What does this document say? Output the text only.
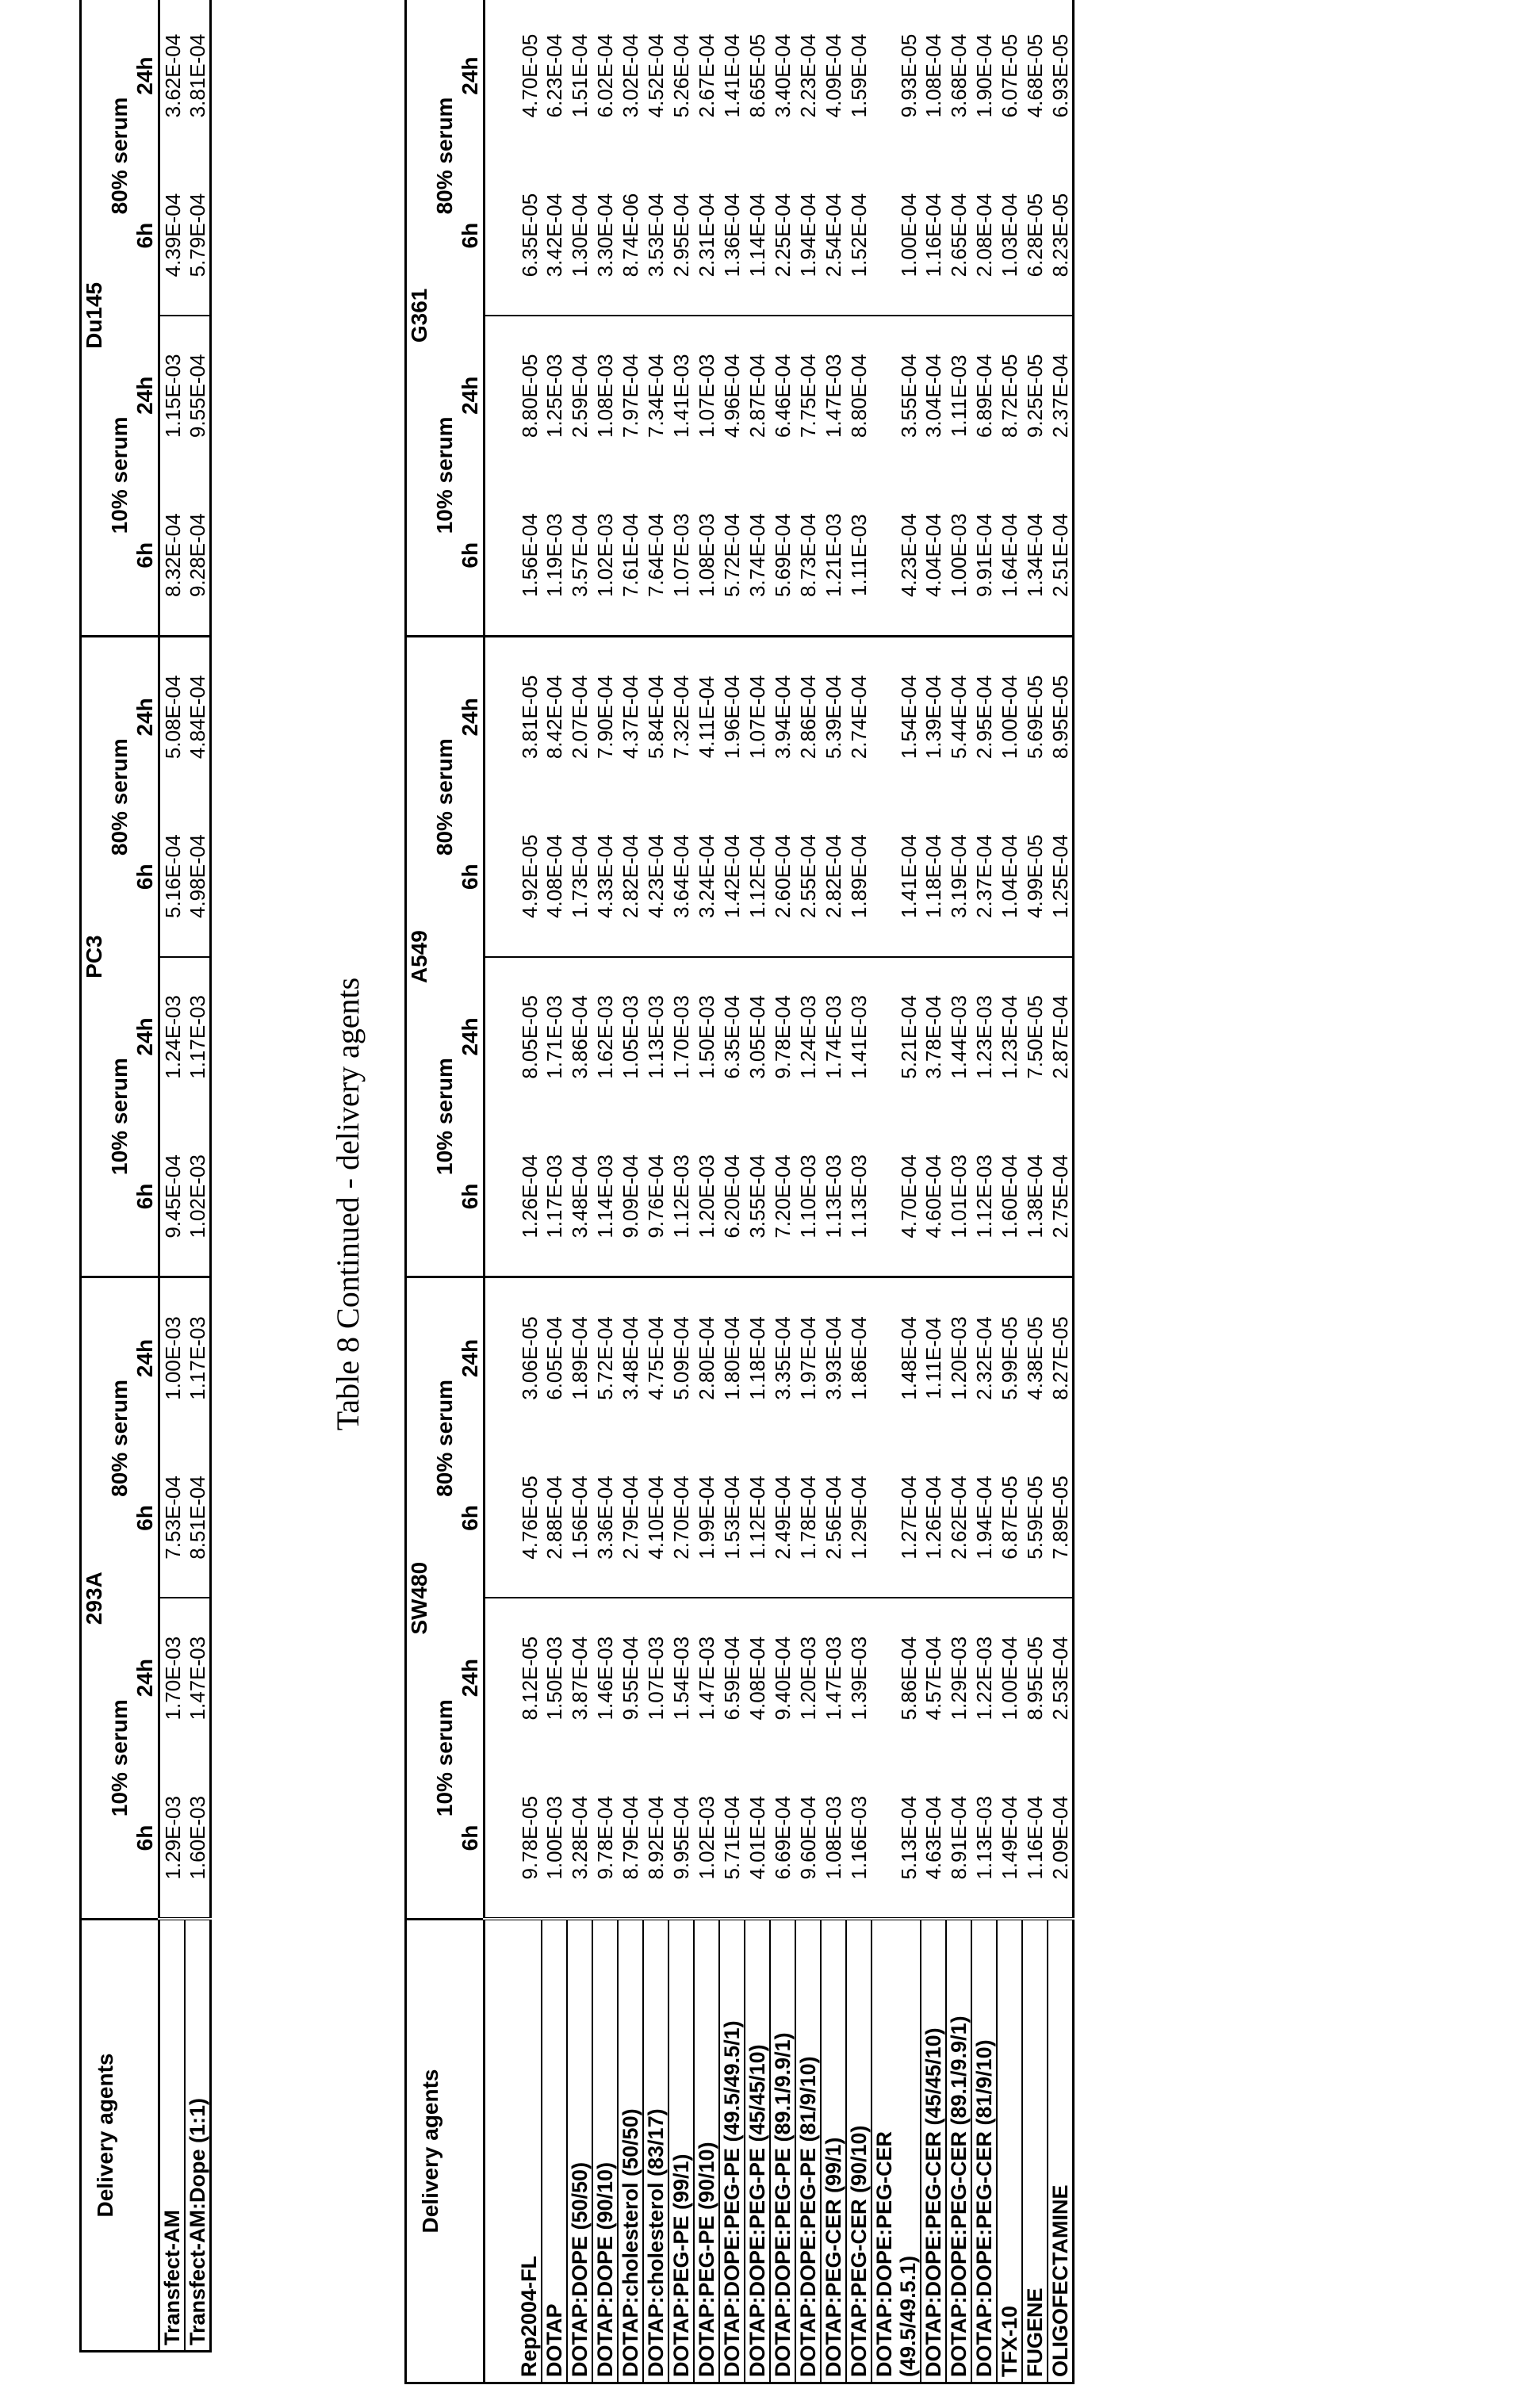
Delivery agents	293A				PC3				Du145			
	10% serum		80% serum		10% serum		80% serum		10% serum		80% serum	
	6h	24h	6h	24h	6h	24h	6h	24h	6h	24h	6h	24h
Transfect-AM	1.29E-03	1.70E-03	7.53E-04	1.00E-03	9.45E-04	1.24E-03	5.16E-04	5.08E-04	8.32E-04	1.15E-03	4.39E-04	3.62E-04
Transfect-AM:Dope (1:1)	1.60E-03	1.47E-03	8.51E-04	1.17E-03	1.02E-03	1.17E-03	4.98E-04	4.84E-04	9.28E-04	9.55E-04	5.79E-04	3.81E-04
Table 8 Continued - delivery agents
Delivery agents	SW480				A549				G361			
	10% serum		80% serum		10% serum		80% serum		10% serum		80% serum	
	6h	24h	6h	24h	6h	24h	6h	24h	6h	24h	6h	24h
Rep2004-FL	9.78E-05	8.12E-05	4.76E-05	3.06E-05	1.26E-04	8.05E-05	4.92E-05	3.81E-05	1.56E-04	8.80E-05	6.35E-05	4.70E-05
DOTAP	1.00E-03	1.50E-03	2.88E-04	6.05E-04	1.17E-03	1.71E-03	4.08E-04	8.42E-04	1.19E-03	1.25E-03	3.42E-04	6.23E-04
DOTAP:DOPE (50/50)	3.28E-04	3.87E-04	1.56E-04	1.89E-04	3.48E-04	3.86E-04	1.73E-04	2.07E-04	3.57E-04	2.59E-04	1.30E-04	1.51E-04
DOTAP:DOPE (90/10)	9.78E-04	1.46E-03	3.36E-04	5.72E-04	1.14E-03	1.62E-03	4.33E-04	7.90E-04	1.02E-03	1.08E-03	3.30E-04	6.02E-04
DOTAP:cholesterol (50/50)	8.79E-04	9.55E-04	2.79E-04	3.48E-04	9.09E-04	1.05E-03	2.82E-04	4.37E-04	7.61E-04	7.97E-04	8.74E-06	3.02E-04
DOTAP:cholesterol (83/17)	8.92E-04	1.07E-03	4.10E-04	4.75E-04	9.76E-04	1.13E-03	4.23E-04	5.84E-04	7.64E-04	7.34E-04	3.53E-04	4.52E-04
DOTAP:PEG-PE (99/1)	9.95E-04	1.54E-03	2.70E-04	5.09E-04	1.12E-03	1.70E-03	3.64E-04	7.32E-04	1.07E-03	1.41E-03	2.95E-04	5.26E-04
DOTAP:PEG-PE (90/10)	1.02E-03	1.47E-03	1.99E-04	2.80E-04	1.20E-03	1.50E-03	3.24E-04	4.11E-04	1.08E-03	1.07E-03	2.31E-04	2.67E-04
DOTAP:DOPE:PEG-PE (49.5/49.5/1)	5.71E-04	6.59E-04	1.53E-04	1.80E-04	6.20E-04	6.35E-04	1.42E-04	1.96E-04	5.72E-04	4.96E-04	1.36E-04	1.41E-04
DOTAP:DOPE:PEG-PE (45/45/10)	4.01E-04	4.08E-04	1.12E-04	1.18E-04	3.55E-04	3.05E-04	1.12E-04	1.07E-04	3.74E-04	2.87E-04	1.14E-04	8.65E-05
DOTAP:DOPE:PEG-PE (89.1/9.9/1)	6.69E-04	9.40E-04	2.49E-04	3.35E-04	7.20E-04	9.78E-04	2.60E-04	3.94E-04	5.69E-04	6.46E-04	2.25E-04	3.40E-04
DOTAP:DOPE:PEG-PE (81/9/10)	9.60E-04	1.20E-03	1.78E-04	1.97E-04	1.10E-03	1.24E-03	2.55E-04	2.86E-04	8.73E-04	7.75E-04	1.94E-04	2.23E-04
DOTAP:PEG-CER (99/1)	1.08E-03	1.47E-03	2.56E-04	3.93E-04	1.13E-03	1.74E-03	2.82E-04	5.39E-04	1.21E-03	1.47E-03	2.54E-04	4.09E-04
DOTAP:PEG-CER (90/10)	1.16E-03	1.39E-03	1.29E-04	1.86E-04	1.13E-03	1.41E-03	1.89E-04	2.74E-04	1.11E-03	8.80E-04	1.52E-04	1.59E-04
DOTAP:DOPE:PEG-CER
(49.5/49.5.1)	5.13E-04	5.86E-04	1.27E-04	1.48E-04	4.70E-04	5.21E-04	1.41E-04	1.54E-04	4.23E-04	3.55E-04	1.00E-04	9.93E-05
DOTAP:DOPE:PEG-CER (45/45/10)	4.63E-04	4.57E-04	1.26E-04	1.11E-04	4.60E-04	3.78E-04	1.18E-04	1.39E-04	4.04E-04	3.04E-04	1.16E-04	1.08E-04
DOTAP:DOPE:PEG-CER (89.1/9.9/1)	8.91E-04	1.29E-03	2.62E-04	1.20E-03	1.01E-03	1.44E-03	3.19E-04	5.44E-04	1.00E-03	1.11E-03	2.65E-04	3.68E-04
DOTAP:DOPE:PEG-CER (81/9/10)	1.13E-03	1.22E-03	1.94E-04	2.32E-04	1.12E-03	1.23E-03	2.37E-04	2.95E-04	9.91E-04	6.89E-04	2.08E-04	1.90E-04
TFX-10	1.49E-04	1.00E-04	6.87E-05	5.99E-05	1.60E-04	1.23E-04	1.04E-04	1.00E-04	1.64E-04	8.72E-05	1.03E-04	6.07E-05
FUGENE	1.16E-04	8.95E-05	5.59E-05	4.38E-05	1.38E-04	7.50E-05	4.99E-05	5.69E-05	1.34E-04	9.25E-05	6.28E-05	4.68E-05
OLIGOFECTAMINE	2.09E-04	2.53E-04	7.89E-05	8.27E-05	2.75E-04	2.87E-04	1.25E-04	8.95E-05	2.51E-04	2.37E-04	8.23E-05	6.93E-05
